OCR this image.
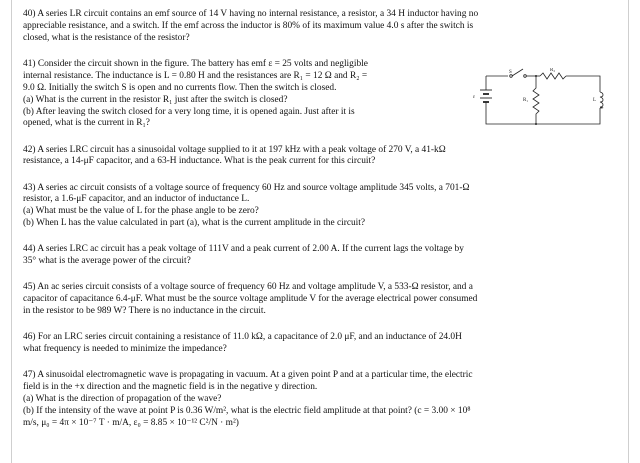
40) A series LR circuit contains an emf source of 14 V having no internal resistance, a resistor, a 34 H inductor having no

appreciable resistance, and a switch. If the emf across the inductor is 80% of its maximum value 4.0 s after the switch is

closed, what is the resistance of the resistor?

41) Consider the circuit shown in the figure. The battery has emf ε = 25 volts and negligible

internal resistance. The inductance is L = 0.80 H and the resistances are R₁ = 12 Ω and R₂ =

9.0 Ω. Initially the switch S is open and no currents flow. Then the switch is closed.

(a) What is the current in the resistor R₁ just after the switch is closed?

(b) After leaving the switch closed for a very long time, it is opened again. Just after it is

opened, what is the current in R₁?

42) A series LRC circuit has a sinusoidal voltage supplied to it at 197 kHz with a peak voltage of 270 V, a 41-kΩ

resistance, a 14-μF capacitor, and a 63-H inductance. What is the peak current for this circuit?

43) A series ac circuit consists of a voltage source of frequency 60 Hz and source voltage amplitude 345 volts, a 701-Ω

resistor, a 1.6-μF capacitor, and an inductor of inductance L.

(a) What must be the value of L for the phase angle to be zero?

(b) When L has the value calculated in part (a), what is the current amplitude in the circuit?

44) A series LRC ac circuit has a peak voltage of 111V and a peak current of 2.00 A. If the current lags the voltage by

35° what is the average power of the circuit?

45) An ac series circuit consists of a voltage source of frequency 60 Hz and voltage amplitude V, a 533-Ω resistor, and a

capacitor of capacitance 6.4-μF. What must be the source voltage amplitude V for the average electrical power consumed

in the resistor to be 989 W? There is no inductance in the circuit.

46) For an LRC series circuit containing a resistance of 11.0 kΩ, a capacitance of 2.0 μF, and an inductance of 24.0H

what frequency is needed to minimize the impedance?

47) A sinusoidal electromagnetic wave is propagating in vacuum. At a given point P and at a particular time, the electric

field is in the +x direction and the magnetic field is in the negative y direction.

(a) What is the direction of propagation of the wave?

(b) If the intensity of the wave at point P is 0.36 W/m², what is the electric field amplitude at that point? (c = 3.00 × 10⁸

m/s, μ₀ = 4π × 10⁻⁷ T · m/A, ε₀ = 8.85 × 10⁻¹² C²/N · m²)

S	R₂
R₁
ε
L
